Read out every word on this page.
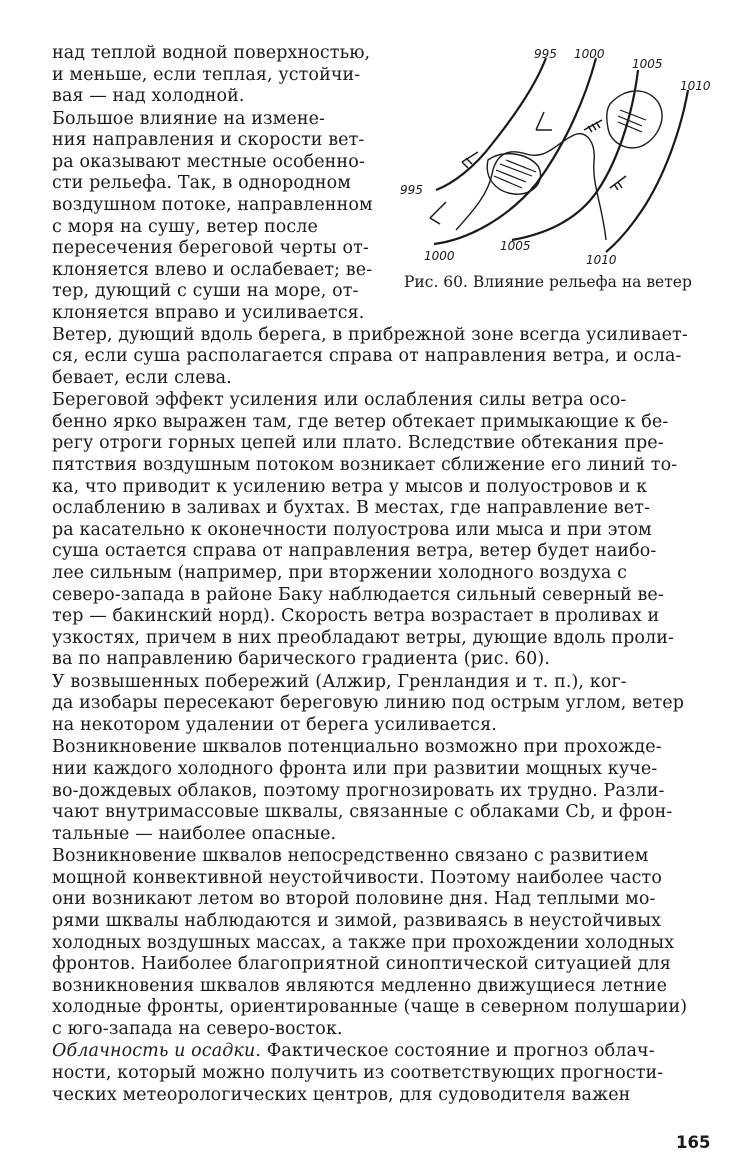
над теплой водной поверхностью,
и меньше, если теплая, устойчи-
вая — над холодной.
Большое влияние на измене-
ния направления и скорости вет-
ра оказывают местные особенно-
сти рельефа. Так, в однородном
воздушном потоке, направленном
с моря на сушу, ветер после
пересечения береговой черты от-
клоняется влево и ослабевает; ве-
тер, дующий с суши на море, от-
клоняется вправо и усиливается.
Ветер, дующий вдоль берега, в прибрежной зоне всегда усиливает-
ся, если суша располагается справа от направления ветра, и осла-
бевает, если слева.
Береговой эффект усиления или ослабления силы ветра осо-
бенно ярко выражен там, где ветер обтекает примыкающие к бе-
регу отроги горных цепей или плато. Вследствие обтекания пре-
пятствия воздушным потоком возникает сближение его линий то-
ка, что приводит к усилению ветра у мысов и полуостровов и к
ослаблению в заливах и бухтах. В местах, где направление вет-
ра касательно к оконечности полуострова или мыса и при этом
суша остается справа от направления ветра, ветер будет наибо-
лее сильным (например, при вторжении холодного воздуха с
северо-запада в районе Баку наблюдается сильный северный ве-
тер — бакинский норд). Скорость ветра возрастает в проливах и
узкостях, причем в них преобладают ветры, дующие вдоль проли-
ва по направлению барического градиента (рис. 60).
У возвышенных побережий (Алжир, Гренландия и т. п.), ког-
да изобары пересекают береговую линию под острым углом, ветер
на некотором удалении от берега усиливается.
Возникновение шквалов потенциально возможно при прохожде-
нии каждого холодного фронта или при развитии мощных куче-
во-дождевых облаков, поэтому прогнозировать их трудно. Разли-
чают внутримассовые шквалы, связанные с облаками Cb, и фрон-
тальные — наиболее опасные.
Возникновение шквалов непосредственно связано с развитием
мощной конвективной неустойчивости. Поэтому наиболее часто
они возникают летом во второй половине дня. Над теплыми мо-
рями шквалы наблюдаются и зимой, развиваясь в неустойчивых
холодных воздушных массах, а также при прохождении холодных
фронтов. Наиболее благоприятной синоптической ситуацией для
возникновения шквалов являются медленно движущиеся летние
холодные фронты, ориентированные (чаще в северном полушарии)
с юго-запада на северо-восток.
Облачность и осадки. Фактическое состояние и прогноз облач-
ности, который можно получить из соответствующих прогности-
ческих метеорологических центров, для судоводителя важен
995 1000
1005
1010
995
1000
1005
1010
Рис. 60. Влияние рельефа на ветер
165
